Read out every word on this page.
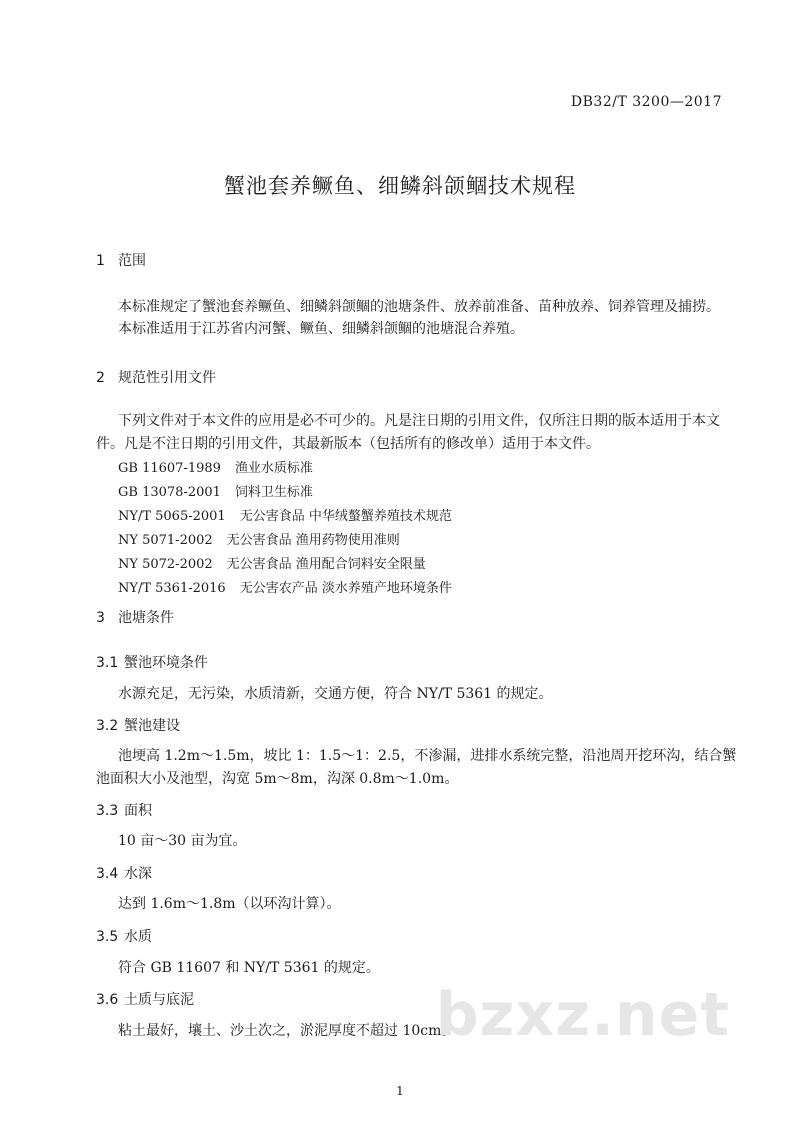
DB32/T 3200—2017
蟹池套养鳜鱼、细鳞斜颌鲴技术规程
1 范围
本标准规定了蟹池套养鳜鱼、细鳞斜颌鲴的池塘条件、放养前准备、苗种放养、饲养管理及捕捞。
本标准适用于江苏省内河蟹、鳜鱼、细鳞斜颌鲴的池塘混合养殖。
2 规范性引用文件
下列文件对于本文件的应用是必不可少的。凡是注日期的引用文件，仅所注日期的版本适用于本文
件。凡是不注日期的引用文件，其最新版本（包括所有的修改单）适用于本文件。
GB 11607-1989 渔业水质标准
GB 13078-2001 饲料卫生标准
NY/T 5065-2001 无公害食品 中华绒螯蟹养殖技术规范
NY 5071-2002 无公害食品 渔用药物使用准则
NY 5072-2002 无公害食品 渔用配合饲料安全限量
NY/T 5361-2016 无公害农产品 淡水养殖产地环境条件
3 池塘条件
3.1 蟹池环境条件
水源充足，无污染，水质清新，交通方便，符合 NY/T 5361 的规定。
3.2 蟹池建设
池埂高 1.2m～1.5m，坡比 1：1.5～1：2.5，不渗漏，进排水系统完整，沿池周开挖环沟，结合蟹
池面积大小及池型，沟宽 5m～8m，沟深 0.8m～1.0m。
3.3 面积
10 亩～30 亩为宜。
3.4 水深
达到 1.6m～1.8m（以环沟计算）。
3.5 水质
符合 GB 11607 和 NY/T 5361 的规定。
3.6 土质与底泥
粘土最好，壤土、沙土次之，淤泥厚度不超过 10cm。
bzxz.net
1
